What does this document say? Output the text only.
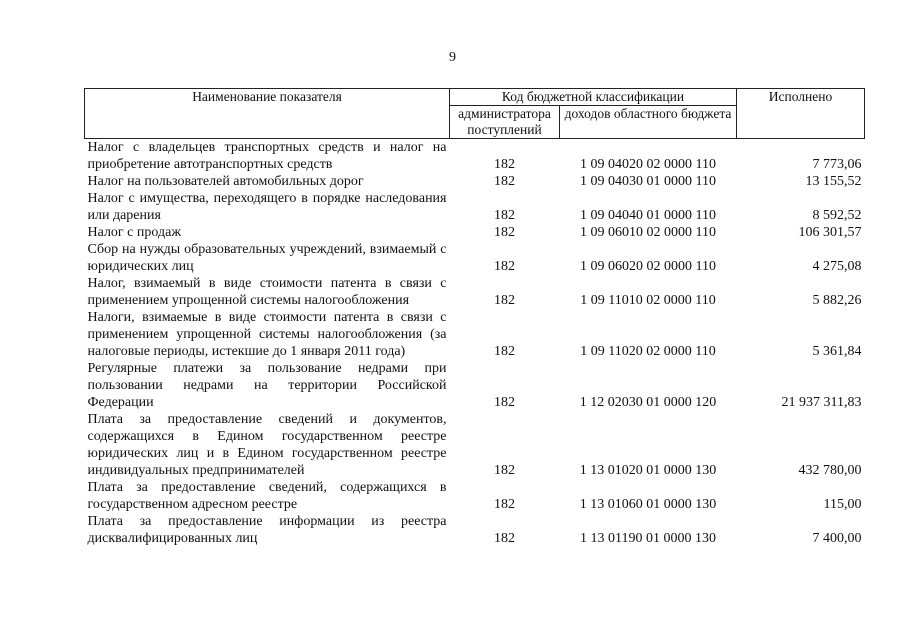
9
Наименование показателя	Код бюджетной классификации		Исполнено
	администратора поступлений	доходов областного бюджета	
Налог с владельцев транспортных средств и налог на приобретение автотранспортных средств	182	1 09 04020 02 0000 110	7 773,06
Налог на пользователей автомобильных дорог	182	1 09 04030 01 0000 110	13 155,52
Налог с имущества, переходящего в порядке наследования или дарения	182	1 09 04040 01 0000 110	8 592,52
Налог с продаж	182	1 09 06010 02 0000 110	106 301,57
Сбор на нужды образовательных учреждений, взимаемый с юридических лиц	182	1 09 06020 02 0000 110	4 275,08
Налог, взимаемый в виде стоимости патента в связи с применением упрощенной системы налогообложения	182	1 09 11010 02 0000 110	5 882,26
Налоги, взимаемые в виде стоимости патента в связи с применением упрощенной системы налогообложения (за налоговые периоды, истекшие до 1 января 2011 года)	182	1 09 11020 02 0000 110	5 361,84
Регулярные платежи за пользование недрами при пользовании недрами на территории Российской Федерации	182	1 12 02030 01 0000 120	21 937 311,83
Плата за предоставление сведений и документов, содержащихся в Едином государственном реестре юридических лиц и в Едином государственном реестре индивидуальных предпринимателей	182	1 13 01020 01 0000 130	432 780,00
Плата за предоставление сведений, содержащихся в государственном адресном реестре	182	1 13 01060 01 0000 130	115,00
Плата за предоставление информации из реестра дисквалифицированных лиц	182	1 13 01190 01 0000 130	7 400,00
